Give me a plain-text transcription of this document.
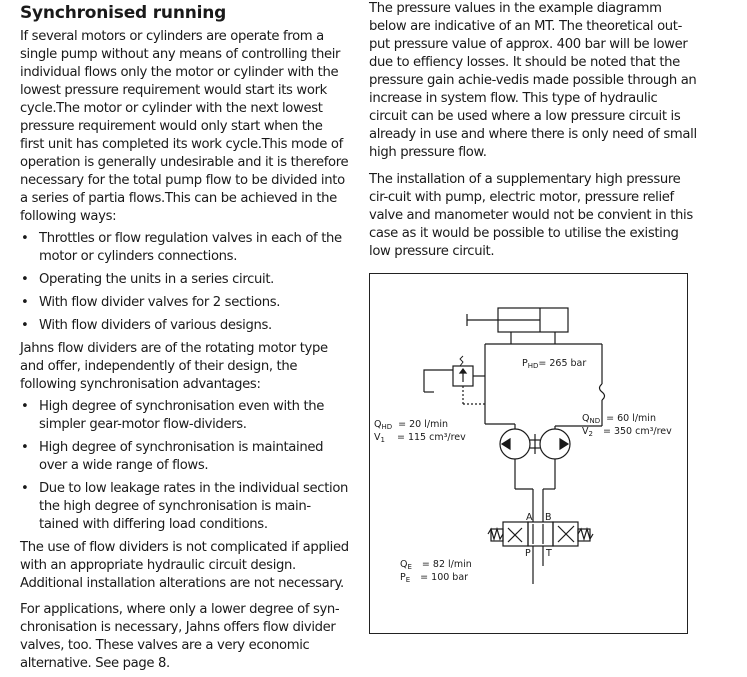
Synchronised running

If several motors or cylinders are operate from a single pump without any means of controlling their individual flows only the motor or cylinder with the lowest pressure requirement would start its work cycle.The motor or cylinder with the next lowest pressure requirement would only start when the first unit has completed its work cycle.This mode of operation is generally undesirable and it is therefore necessary for the total pump flow to be divided into a series of partia flows.This can be achieved in the following ways:

• Throttles or flow regulation valves in each of the motor or cylinders connections.
• Operating the units in a series circuit.
• With flow divider valves for 2 sections.
• With flow dividers of various designs.

Jahns flow dividers are of the rotating motor type and offer, independently of their design, the following synchronisation advantages:

• High degree of synchronisation even with the simpler gear-motor flow-dividers.
• High degree of synchronisation is maintained over a wide range of flows.
• Due to low leakage rates in the individual section the high degree of synchronisation is main-tained with differing load conditions.

The use of flow dividers is not complicated if applied with an appropriate hydraulic circuit design. Additional installation alterations are not necessary.

For applications, where only a lower degree of syn-chronisation is necessary, Jahns offers flow divider valves, too. These valves are a very economic alternative. See page 8.

The pressure values in the example diagramm below are indicative of an MT. The theoretical out-put pressure value of approx. 400 bar will be lower due to effiency losses. It should be noted that the pressure gain achie-vedis made possible through an increase in system flow. This type of hydraulic circuit can be used where a low pressure circuit is already in use and where there is only need of small high pressure flow.

The installation of a supplementary high pressure cir-cuit with pump, electric motor, pressure relief valve and manometer would not be convient in this case as it would be possible to utilise the existing low pressure circuit.

$P_{HD}= 265$ bar
$Q_{HD} = 20$ l/min
$V_1 = 115$ cm³/rev
$Q_{ND} = 60$ l/min
$V_2 = 350$ cm³/rev
$Q_E = 82$ l/min
$P_E = 100$ bar
A B
P T
